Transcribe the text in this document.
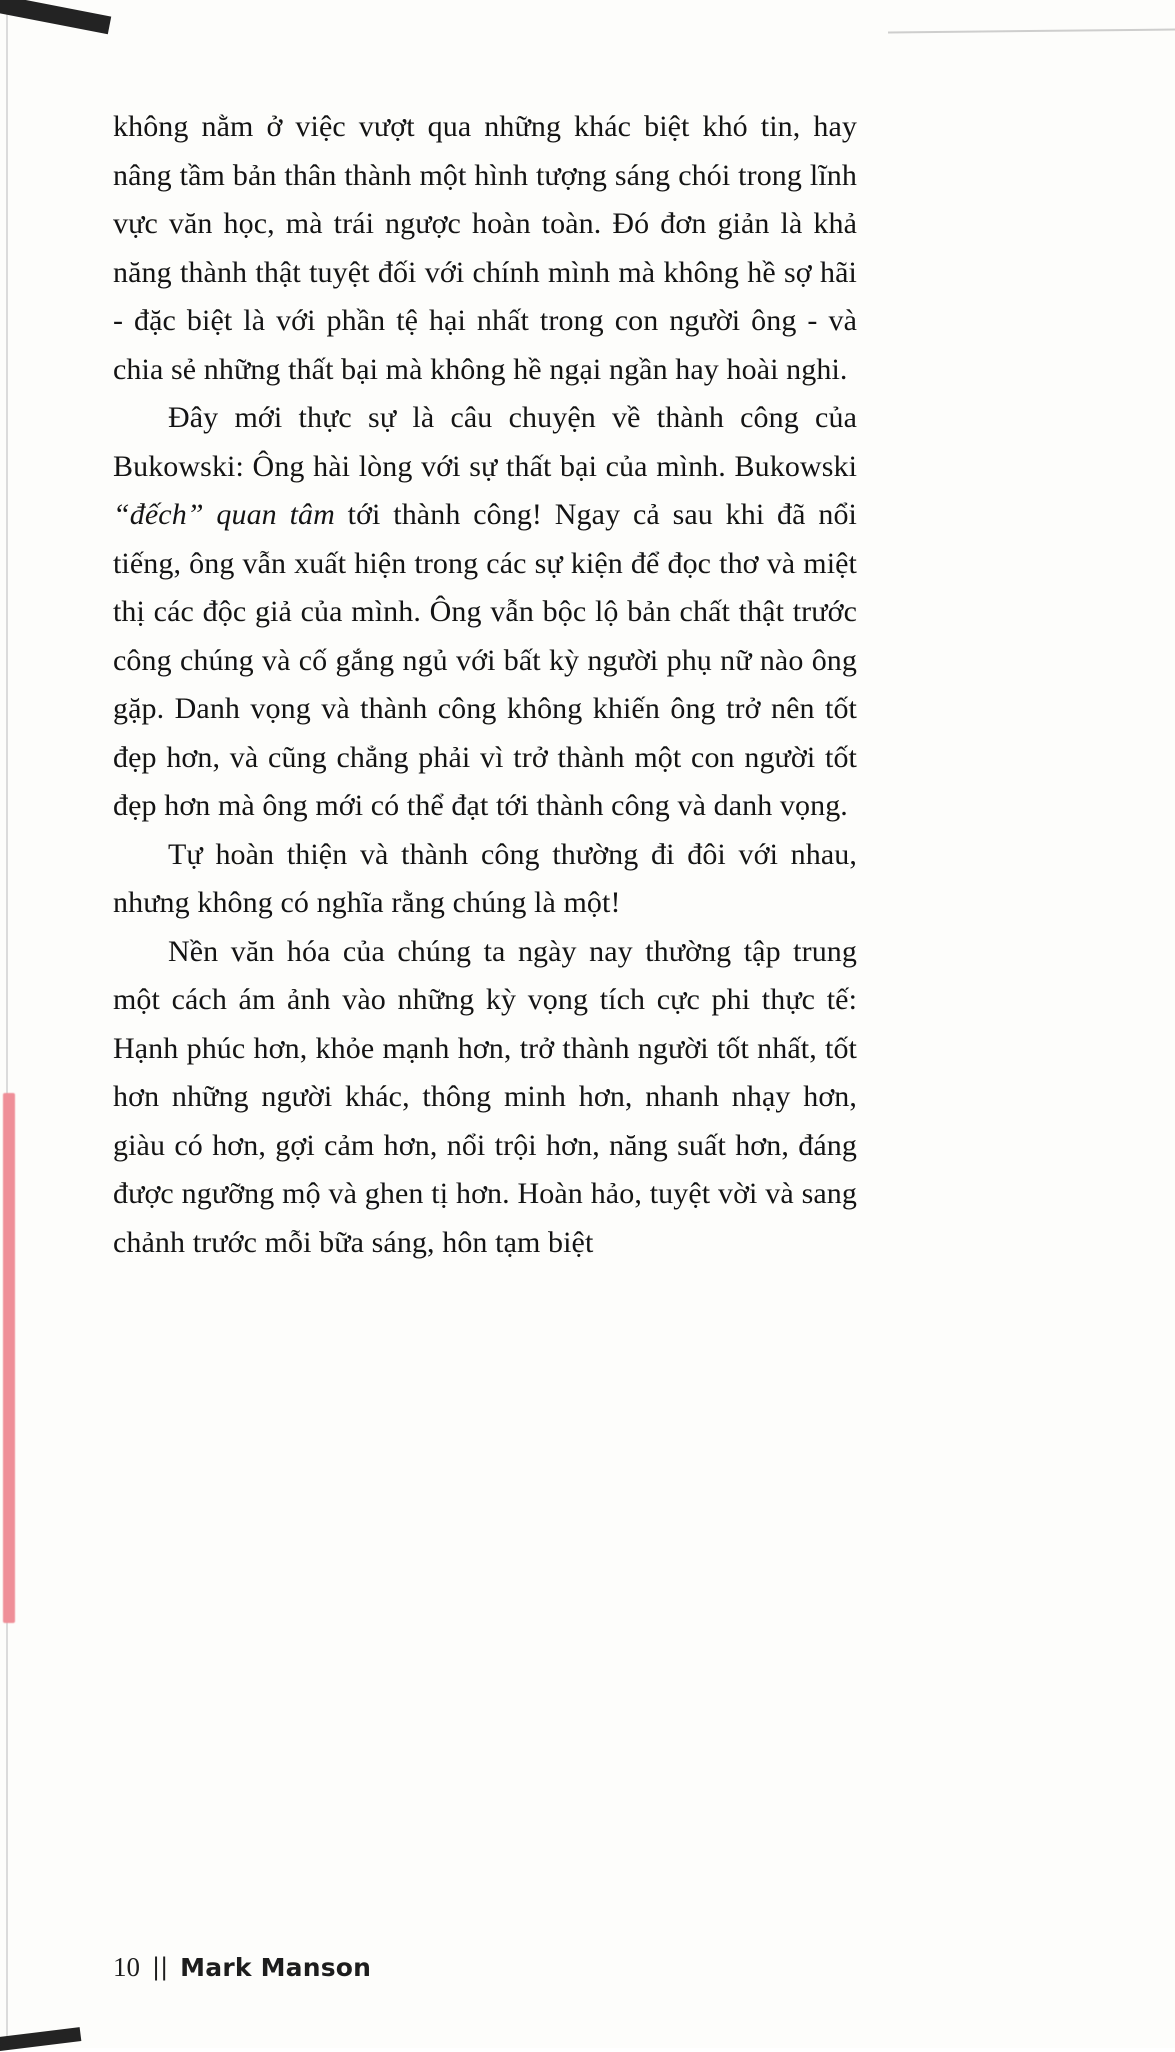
không nằm ở việc vượt qua những khác biệt khó tin, hay nâng tầm bản thân thành một hình tượng sáng chói trong lĩnh vực văn học, mà trái ngược hoàn toàn. Đó đơn giản là khả năng thành thật tuyệt đối với chính mình mà không hề sợ hãi - đặc biệt là với phần tệ hại nhất trong con người ông - và chia sẻ những thất bại mà không hề ngại ngần hay hoài nghi.

Đây mới thực sự là câu chuyện về thành công của Bukowski: Ông hài lòng với sự thất bại của mình. Bukowski “đếch” quan tâm tới thành công! Ngay cả sau khi đã nổi tiếng, ông vẫn xuất hiện trong các sự kiện để đọc thơ và miệt thị các độc giả của mình. Ông vẫn bộc lộ bản chất thật trước công chúng và cố gắng ngủ với bất kỳ người phụ nữ nào ông gặp. Danh vọng và thành công không khiến ông trở nên tốt đẹp hơn, và cũng chẳng phải vì trở thành một con người tốt đẹp hơn mà ông mới có thể đạt tới thành công và danh vọng.

Tự hoàn thiện và thành công thường đi đôi với nhau, nhưng không có nghĩa rằng chúng là một!

Nền văn hóa của chúng ta ngày nay thường tập trung một cách ám ảnh vào những kỳ vọng tích cực phi thực tế: Hạnh phúc hơn, khỏe mạnh hơn, trở thành người tốt nhất, tốt hơn những người khác, thông minh hơn, nhanh nhạy hơn, giàu có hơn, gợi cảm hơn, nổi trội hơn, năng suất hơn, đáng được ngưỡng mộ và ghen tị hơn. Hoàn hảo, tuyệt vời và sang chảnh trước mỗi bữa sáng, hôn tạm biệt

10 || Mark Manson
